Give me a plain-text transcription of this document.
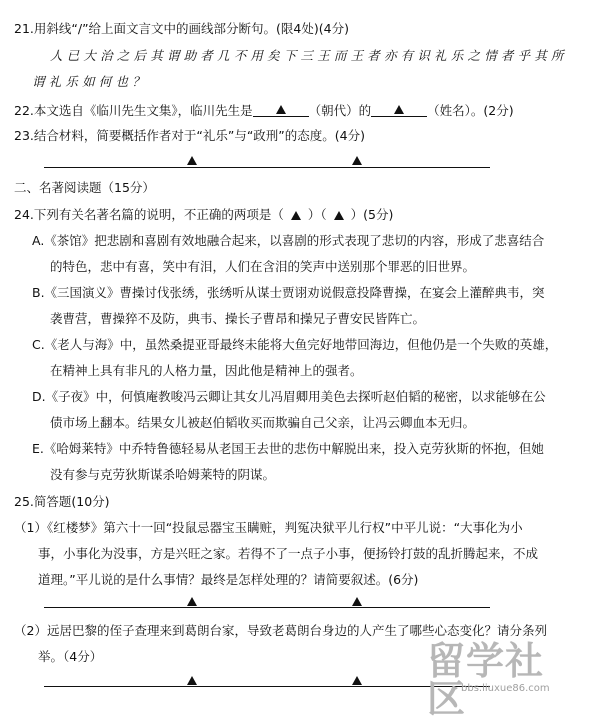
21.用斜线“/”给上面文言文中的画线部分断句。(限4处)(4分)
人已大治之后其谓助者几不用矣下三王而王者亦有识礼乐之情者乎其所
谓礼乐如何也？
22.本文选自《临川先生文集》，临川先生是	（朝代）的	（姓名）。(2分)
23.结合材料，简要概括作者对于“礼乐”与“政刑”的态度。(4分)
二、名著阅读题（15分）
24.下列有关名著名篇的说明，不正确的两项是（ ）（ ）(5分)
A.《茶馆》把悲剧和喜剧有效地融合起来，以喜剧的形式表现了悲切的内容，形成了悲喜结合
的特色，悲中有喜，笑中有泪，人们在含泪的笑声中送别那个罪恶的旧世界。
B.《三国演义》曹操讨伐张绣，张绣听从谋士贾诩劝说假意投降曹操，在宴会上灌醉典韦，突
袭曹营，曹操猝不及防，典韦、操长子曹昂和操兄子曹安民皆阵亡。
C.《老人与海》中，虽然桑提亚哥最终未能将大鱼完好地带回海边，但他仍是一个失败的英雄，
在精神上具有非凡的人格力量，因此他是精神上的强者。
D.《子夜》中，何慎庵教唆冯云卿让其女儿冯眉卿用美色去探听赵伯韬的秘密，以求能够在公
债市场上翻本。结果女儿被赵伯韬收买而欺骗自己父亲，让冯云卿血本无归。
E.《哈姆莱特》中乔特鲁德轻易从老国王去世的悲伤中解脱出来，投入克劳狄斯的怀抱，但她
没有参与克劳狄斯谋杀哈姆莱特的阴谋。
25.简答题(10分)
（1）《红楼梦》第六十一回“投鼠忌器宝玉瞒赃，判冤决狱平儿行权”中平儿说：“大事化为小
事，小事化为没事，方是兴旺之家。若得不了一点子小事，便扬铃打鼓的乱折腾起来，不成
道理。”平儿说的是什么事情？最终是怎样处理的？请简要叙述。(6分)
（2）远居巴黎的侄子查理来到葛朗台家，导致老葛朗台身边的人产生了哪些心态变化？请分条列
举。（4分）	留学社区
bbs.liuxue86.com
